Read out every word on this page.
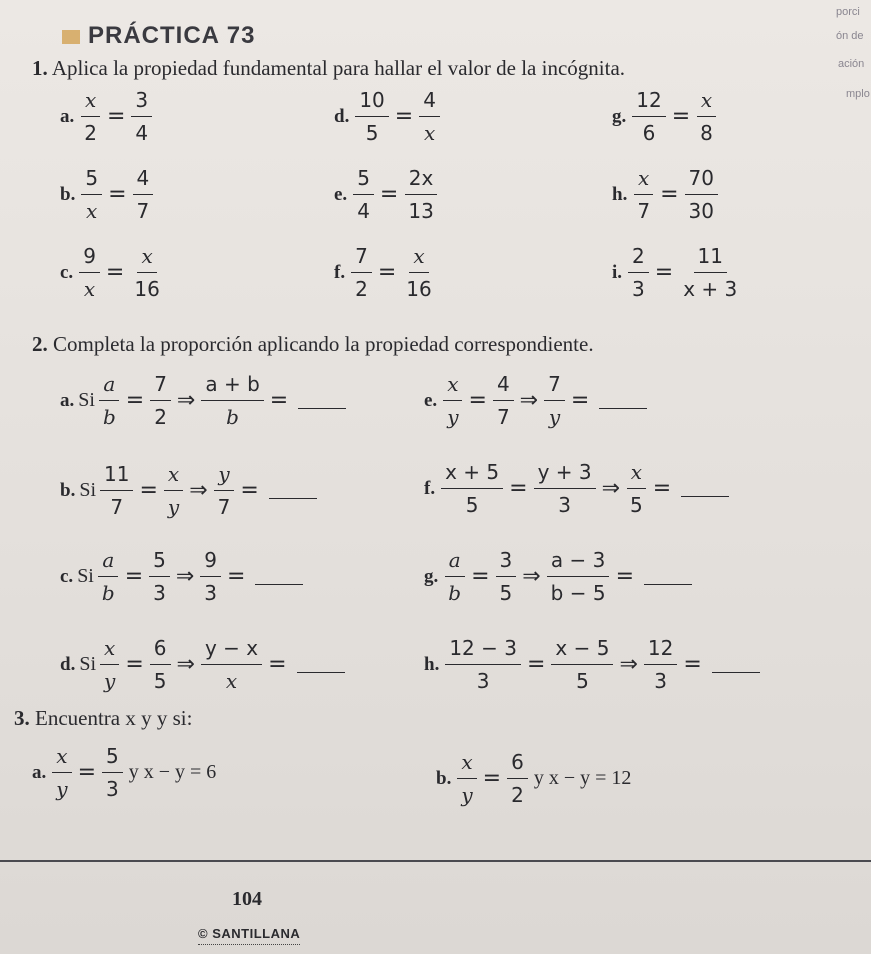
PRÁCTICA 73
porci
ón de
ación
mplo
1. Aplica la propiedad fundamental para hallar el valor de la incógnita.
2. Completa la proporción aplicando la propiedad correspondiente.
3. Encuentra x y y si:
104
© SANTILLANA
a. $\frac{x}{2} = \frac{3}{4}$	d. $\frac{10}{5} = \frac{4}{x}$	g. $\frac{12}{6} = \frac{x}{8}$
b. $\frac{5}{x} = \frac{4}{7}$	e. $\frac{5}{4} = \frac{2x}{13}$	h. $\frac{x}{7} = \frac{70}{30}$
c. $\frac{9}{x} = \frac{x}{16}$	f. $\frac{7}{2} = \frac{x}{16}$	i. $\frac{2}{3} = \frac{11}{x + 3}$
a. Si $\frac{a}{b} = \frac{7}{2}$ ⇒ $\frac{a + b}{b}$ =	e. $\frac{x}{y} = \frac{4}{7}$ ⇒ $\frac{7}{y}$ =
b. Si $\frac{11}{7} = \frac{x}{y}$ ⇒ $\frac{y}{7}$ =	f. $\frac{x + 5}{5} = \frac{y + 3}{3}$ ⇒ $\frac{x}{5}$ =
c. Si $\frac{a}{b} = \frac{5}{3}$ ⇒ $\frac{9}{3}$ =	g. $\frac{a}{b} = \frac{3}{5}$ ⇒ $\frac{a - 3}{b - 5}$ =
d. Si $\frac{x}{y} = \frac{6}{5}$ ⇒ $\frac{y - x}{x}$ =	h. $\frac{12 - 3}{3} = \frac{x - 5}{5}$ ⇒ $\frac{12}{3}$ =
a. $\frac{x}{y} = \frac{5}{3}$ y x − y = 6	b. $\frac{x}{y} = \frac{6}{2}$ y x − y = 12
